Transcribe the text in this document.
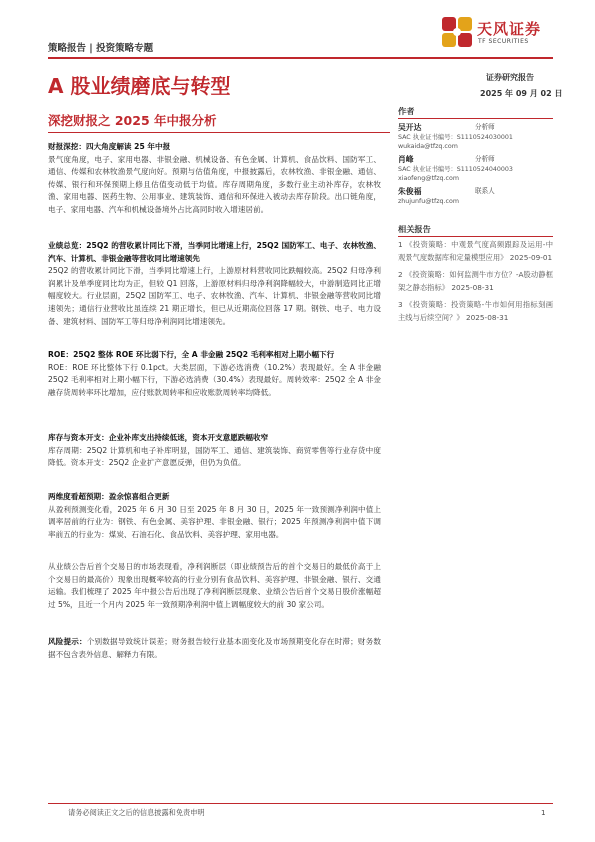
天风证券
TF SECURITIES
策略报告 | 投资策略专题
A 股业绩磨底与转型
深挖财报之 2025 年中报分析
证券研究报告
2025 年 09 月 02 日

财报深挖：四大角度解读 25 年中报

景气度角度，电子、家用电器、非银金融、机械设备、有色金属、计算机、食品饮料、国防军工、通信、传媒和农林牧渔景气度向好。预期与估值角度，中报披露后，农林牧渔、非银金融、通信、传媒、银行和环保预期上修且估值变动低于均值。库存周期角度，多数行业主动补库存，农林牧渔、家用电器、医药生物、公用事业、建筑装饰、通信和环保进入被动去库存阶段。出口链角度，电子、家用电器、汽车和机械设备境外占比高同时收入增速居前。

业绩总览：25Q2 的营收累计同比下滑，当季同比增速上行，25Q2 国防军工、电子、农林牧渔、汽车、计算机、非银金融等营收同比增速领先

25Q2 的营收累计同比下滑，当季同比增速上行，上游原材料营收同比跌幅较高。25Q2 归母净利润累计及单季度同比均为正，但较 Q1 回落，上游原材料归母净利润降幅较大，中游制造同比正增幅度较大。行业层面，25Q2 国防军工、电子、农林牧渔、汽车、计算机、非银金融等营收同比增速领先；通信行业营收比虽连续 21 期正增长，但已从近期高位回落 17 期。钢铁、电子、电力设备、建筑材料、国防军工等归母净利润同比增速领先。

ROE：25Q2 整体 ROE 环比弱下行，全 A 非金融 25Q2 毛利率相对上期小幅下行

ROE：ROE 环比整体下行 0.1pct。大类层面，下游必选消费（10.2%）表现最好。全 A 非金融 25Q2 毛利率相对上期小幅下行，下游必选消费（30.4%）表现最好。周转效率：25Q2 全 A 非金融存货周转率环比增加，应付账款周转率和应收账款周转率均降低。

库存与资本开支：企业补库支出持续低迷，资本开支意愿跌幅收窄

库存周期：25Q2 计算机和电子补库明显，国防军工、通信、建筑装饰、商贸零售等行业存货中度降低。资本开支：25Q2 企业扩产意愿反弹，但仍为负值。

两维度看超预期：盈余惊喜组合更新

从盈利预测变化看，2025 年 6 月 30 日至 2025 年 8 月 30 日，2025 年一致预测净利润中值上调率居前的行业为：钢铁、有色金属、美容护理、非银金融、银行；2025 年预测净利润中值下调率前五的行业为：煤炭、石油石化、食品饮料、美容护理、家用电器。

从业绩公告后首个交易日的市场表现看，净利润断层（即业绩预告后的首个交易日的最低价高于上个交易日的最高价）现象出现概率较高的行业分别有食品饮料、美容护理、非银金融、银行、交通运输。我们梳理了 2025 年中报公告后出现了净利润断层现象、业绩公告后首个交易日股价涨幅超过 5%，且近一个月内 2025 年一致预期净利润中值上调幅度较大的前 30 家公司。

风险提示：个别数据导致统计误差；财务报告较行业基本面变化及市场预期变化存在时滞；财务数据不包含表外信息、解释力有限。

作者
吴开达	分析师
SAC 执业证书编号：S1110524030001
wukaida@tfzq.com
肖峰	分析师
SAC 执业证书编号：S1110524040003
xiaofeng@tfzq.com
朱俊福	联系人
zhujunfu@tfzq.com
相关报告

1 《投资策略：中观景气度高频跟踪及运用-中观景气度数据库和定量模型应用》 2025-09-01

2 《投资策略：如何监测牛市方位？-A股动静框架之静态指标》 2025-08-31

3 《投资策略：投资策略-牛市如何用指标刻画主线与后续空间？》 2025-08-31

请务必阅读正文之后的信息披露和免责申明	1
